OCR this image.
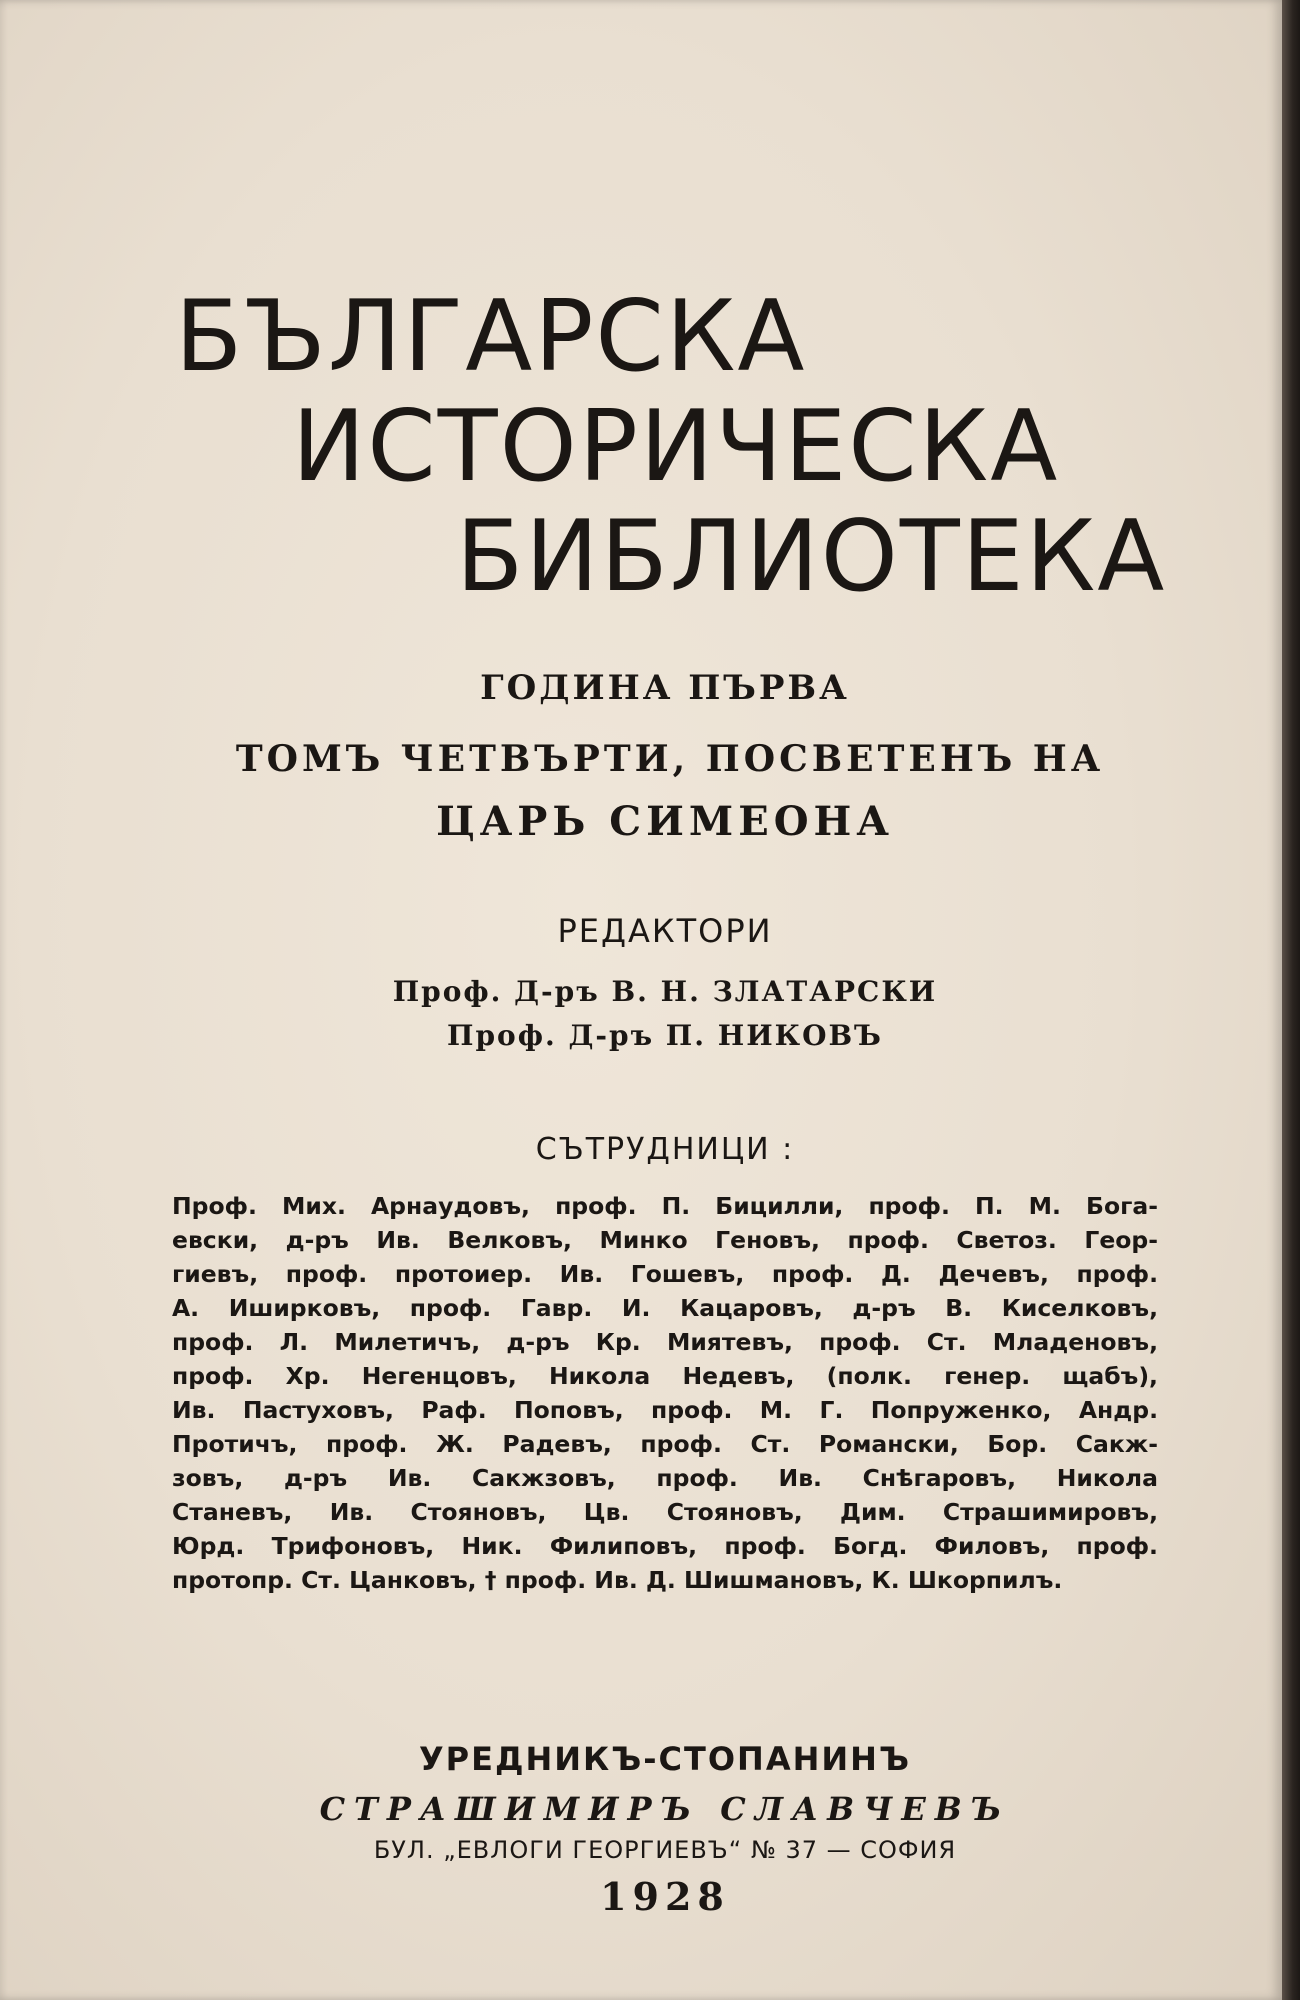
БЪЛГАРСКА
ИСТОРИЧЕСКА
БИБЛИОТЕКА

ГОДИНА ПЪРВА

ТОМЪ ЧЕТВЪРТИ, ПОСВЕТЕНЪ НА

ЦАРЬ СИМЕОНА

РЕДАКТОРИ

Проф. Д-ръ В. Н. ЗЛАТАРСКИ

Проф. Д-ръ П. НИКОВЪ

СЪТРУДНИЦИ :

Проф. Мих. Арнаудовъ, проф. П. Бицилли, проф. П. М. Бога-

евски, д-ръ Ив. Велковъ, Минко Геновъ, проф. Светоз. Геор-

гиевъ, проф. протоиер. Ив. Гошевъ, проф. Д. Дечевъ, проф.

А. Иширковъ, проф. Гавр. И. Кацаровъ, д-ръ В. Киселковъ,

проф. Л. Милетичъ, д-ръ Кр. Миятевъ, проф. Ст. Младеновъ,

проф. Хр. Негенцовъ, Никола Недевъ, (полк. генер. щабъ),

Ив. Пастуховъ, Раф. Поповъ, проф. М. Г. Попруженко, Андр.

Протичъ, проф. Ж. Радевъ, проф. Ст. Романски, Бор. Сакж-

зовъ, д-ръ Ив. Сакжзовъ, проф. Ив. Снѣгаровъ, Никола

Станевъ, Ив. Стояновъ, Цв. Стояновъ, Дим. Страшимировъ,

Юрд. Трифоновъ, Ник. Филиповъ, проф. Богд. Филовъ, проф.

протопр. Ст. Цанковъ, † проф. Ив. Д. Шишмановъ, К. Шкорпилъ.

УРЕДНИКЪ-СТОПАНИНЪ

СТРАШИМИРЪ СЛАВЧЕВЪ

БУЛ. „ЕВЛОГИ ГЕОРГИЕВЪ“ № 37 — СОФИЯ

1928
